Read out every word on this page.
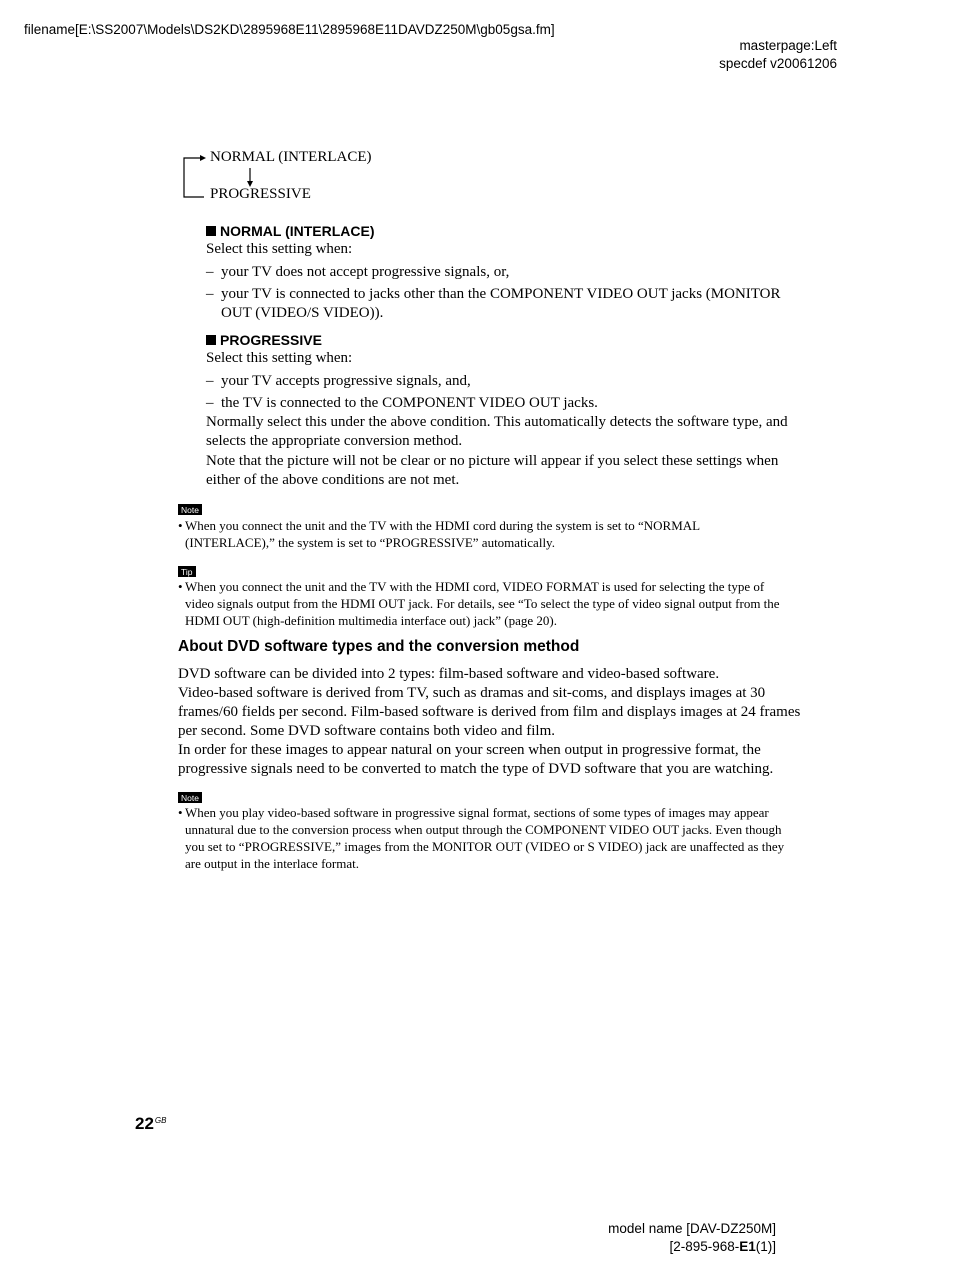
filename[E:\SS2007\Models\DS2KD\2895968E11\2895968E11DAVDZ250M\gb05gsa.fm]
masterpage:Left
specdef v20061206
NORMAL (INTERLACE)
PROGRESSIVE
NORMAL (INTERLACE)
Select this setting when:
– your TV does not accept progressive signals, or,
– your TV is connected to jacks other than the COMPONENT VIDEO OUT jacks (MONITOR
OUT (VIDEO/S VIDEO)).
PROGRESSIVE
Select this setting when:
– your TV accepts progressive signals, and,
– the TV is connected to the COMPONENT VIDEO OUT jacks.
Normally select this under the above condition. This automatically detects the software type, and
selects the appropriate conversion method.
Note that the picture will not be clear or no picture will appear if you select these settings when
either of the above conditions are not met.
Note
• When you connect the unit and the TV with the HDMI cord during the system is set to “NORMAL
(INTERLACE),” the system is set to “PROGRESSIVE” automatically.
Tip
• When you connect the unit and the TV with the HDMI cord, VIDEO FORMAT is used for selecting the type of
video signals output from the HDMI OUT jack. For details, see “To select the type of video signal output from the
HDMI OUT (high-definition multimedia interface out) jack” (page 20).
About DVD software types and the conversion method
DVD software can be divided into 2 types: film-based software and video-based software.
Video-based software is derived from TV, such as dramas and sit-coms, and displays images at 30
frames/60 fields per second. Film-based software is derived from film and displays images at 24 frames
per second. Some DVD software contains both video and film.
In order for these images to appear natural on your screen when output in progressive format, the
progressive signals need to be converted to match the type of DVD software that you are watching.
Note
• When you play video-based software in progressive signal format, sections of some types of images may appear
unnatural due to the conversion process when output through the COMPONENT VIDEO OUT jacks. Even though
you set to “PROGRESSIVE,” images from the MONITOR OUT (VIDEO or S VIDEO) jack are unaffected as they
are output in the interlace format.
$22^{GB}$
model name [DAV-DZ250M]
[2-895-968-E1(1)]
